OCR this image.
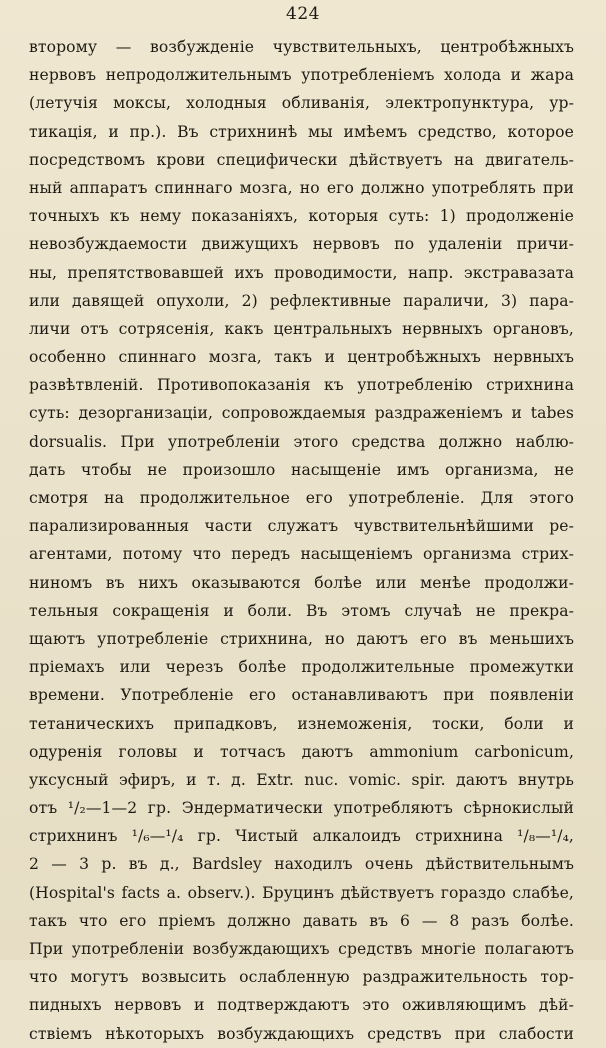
424
второму — возбужденіе чувствительныхъ, центробѣжныхъ
нервовъ непродолжительнымъ употребленіемъ холода и жара
(летучія моксы, холодныя обливанія, электропунктура, ур-
тикація, и пр.). Въ стрихнинѣ мы имѣемъ средство, которое
посредствомъ крови специфически дѣйствуетъ на двигатель-
ный аппаратъ спиннаго мозга, но его должно употреблять при
точныхъ къ нему показаніяхъ, которыя суть: 1) продолженіе
невозбуждаемости движущихъ нервовъ по удаленіи причи-
ны, препятствовавшей ихъ проводимости, напр. экстравазата
или давящей опухоли, 2) рефлективные параличи, 3) пара-
личи отъ сотрясенія, какъ центральныхъ нервныхъ органовъ,
особенно спиннаго мозга, такъ и центробѣжныхъ нервныхъ
развѣтвленій. Противопоказанія къ употребленію стрихнина
суть: дезорганизаціи, сопровождаемыя раздраженіемъ и tabes
dorsualis. При употребленіи этого средства должно наблю-
дать чтобы не произошло насыщеніе имъ организма, не
смотря на продолжительное его употребленіе. Для этого
парализированныя части служатъ чувствительнѣйшими ре-
агентами, потому что передъ насыщеніемъ организма стрих-
ниномъ въ нихъ оказываются болѣе или менѣе продолжи-
тельныя сокращенія и боли. Въ этомъ случаѣ не прекра-
щаютъ употребленіе стрихнина, но даютъ его въ меньшихъ
пріемахъ или черезъ болѣе продолжительные промежутки
времени. Употребленіе его останавливаютъ при появленіи
тетаническихъ припадковъ, изнеможенія, тоски, боли и
одуренія головы и тотчасъ даютъ ammonium carbonicum,
уксусный эфиръ, и т. д. Extr. nuc. vomic. spir. даютъ внутрь
отъ ¹/₂—1—2 гр. Эндерматически употребляютъ сѣрнокислый
стрихнинъ ¹/₆—¹/₄ гр. Чистый алкалоидъ стрихнина ¹/₈—¹/₄,
2 — 3 р. въ д., Bardsley находилъ очень дѣйствительнымъ
(Hospital's facts a. observ.). Бруцинъ дѣйствуетъ гораздо слабѣе,
такъ что его пріемъ должно давать въ 6 — 8 разъ болѣе.
При употребленіи возбуждающихъ средствъ многіе полагаютъ
что могутъ возвысить ослабленную раздражительность тор-
пидныхъ нервовъ и подтверждаютъ это оживляющимъ дѣй-
ствіемъ нѣкоторыхъ возбуждающихъ средствъ при слабости
